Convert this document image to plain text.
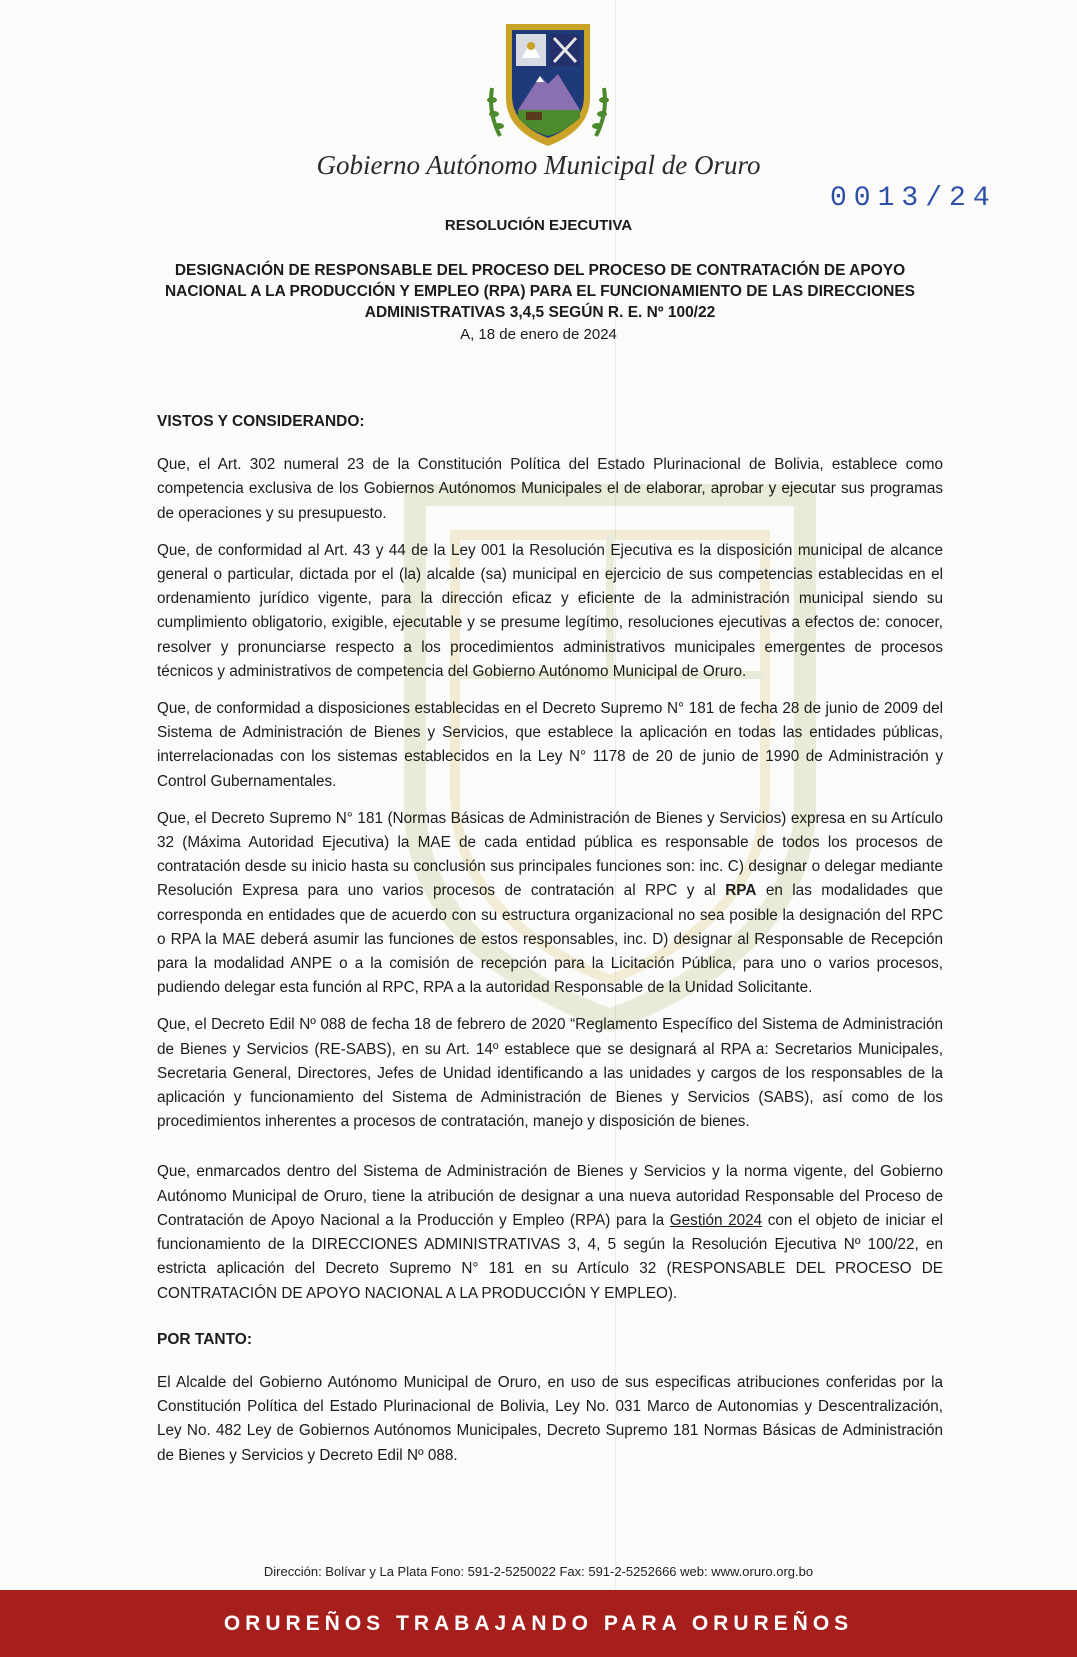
Gobierno Autónomo Municipal de Oruro
0013/24
RESOLUCIÓN EJECUTIVA
DESIGNACIÓN DE RESPONSABLE DEL PROCESO DEL PROCESO DE CONTRATACIÓN DE APOYO
NACIONAL A LA PRODUCCIÓN Y EMPLEO (RPA) PARA EL FUNCIONAMIENTO DE LAS DIRECCIONES
ADMINISTRATIVAS 3,4,5 SEGÚN R. E. Nº 100/22
A, 18 de enero de 2024
VISTOS Y CONSIDERANDO:

Que, el Art. 302 numeral 23 de la Constitución Política del Estado Plurinacional de Bolivia, establece como competencia exclusiva de los Gobiernos Autónomos Municipales el de elaborar, aprobar y ejecutar sus programas de operaciones y su presupuesto.

Que, de conformidad al Art. 43 y 44 de la Ley 001 la Resolución Ejecutiva es la disposición municipal de alcance general o particular, dictada por el (la) alcalde (sa) municipal en ejercicio de sus competencias establecidas en el ordenamiento jurídico vigente, para la dirección eficaz y eficiente de la administración municipal siendo su cumplimiento obligatorio, exigible, ejecutable y se presume legítimo, resoluciones ejecutivas a efectos de: conocer, resolver y pronunciarse respecto a los procedimientos administrativos municipales emergentes de procesos técnicos y administrativos de competencia del Gobierno Autónomo Municipal de Oruro.

Que, de conformidad a disposiciones establecidas en el Decreto Supremo N° 181 de fecha 28 de junio de 2009 del Sistema de Administración de Bienes y Servicios, que establece la aplicación en todas las entidades públicas, interrelacionadas con los sistemas establecidos en la Ley N° 1178 de 20 de junio de 1990 de Administración y Control Gubernamentales.

Que, el Decreto Supremo N° 181 (Normas Básicas de Administración de Bienes y Servicios) expresa en su Artículo 32 (Máxima Autoridad Ejecutiva) la MAE de cada entidad pública es responsable de todos los procesos de contratación desde su inicio hasta su conclusión sus principales funciones son: inc. C) designar o delegar mediante Resolución Expresa para uno varios procesos de contratación al RPC y al RPA en las modalidades que corresponda en entidades que de acuerdo con su estructura organizacional no sea posible la designación del RPC o RPA la MAE deberá asumir las funciones de estos responsables, inc. D) designar al Responsable de Recepción para la modalidad ANPE o a la comisión de recepción para la Licitación Pública, para uno o varios procesos, pudiendo delegar esta función al RPC, RPA a la autoridad Responsable de la Unidad Solicitante.

Que, el Decreto Edil Nº 088 de fecha 18 de febrero de 2020 “Reglamento Específico del Sistema de Administración de Bienes y Servicios (RE-SABS), en su Art. 14º establece que se designará al RPA a: Secretarios Municipales, Secretaria General, Directores, Jefes de Unidad identificando a las unidades y cargos de los responsables de la aplicación y funcionamiento del Sistema de Administración de Bienes y Servicios (SABS), así como de los procedimientos inherentes a procesos de contratación, manejo y disposición de bienes.

Que, enmarcados dentro del Sistema de Administración de Bienes y Servicios y la norma vigente, del Gobierno Autónomo Municipal de Oruro, tiene la atribución de designar a una nueva autoridad Responsable del Proceso de Contratación de Apoyo Nacional a la Producción y Empleo (RPA) para la Gestión 2024 con el objeto de iniciar el funcionamiento de la DIRECCIONES ADMINISTRATIVAS 3, 4, 5 según la Resolución Ejecutiva Nº 100/22, en estricta aplicación del Decreto Supremo N° 181 en su Artículo 32 (RESPONSABLE DEL PROCESO DE CONTRATACIÓN DE APOYO NACIONAL A LA PRODUCCIÓN Y EMPLEO).

POR TANTO:

El Alcalde del Gobierno Autónomo Municipal de Oruro, en uso de sus especificas atribuciones conferidas por la Constitución Política del Estado Plurinacional de Bolivia, Ley No. 031 Marco de Autonomias y Descentralización, Ley No. 482 Ley de Gobiernos Autónomos Municipales, Decreto Supremo 181 Normas Básicas de Administración de Bienes y Servicios y Decreto Edil Nº 088.

Dirección: Bolívar y La Plata Fono: 591-2-5250022 Fax: 591-2-5252666 web: www.oruro.org.bo
ORUREÑOS TRABAJANDO PARA ORUREÑOS
